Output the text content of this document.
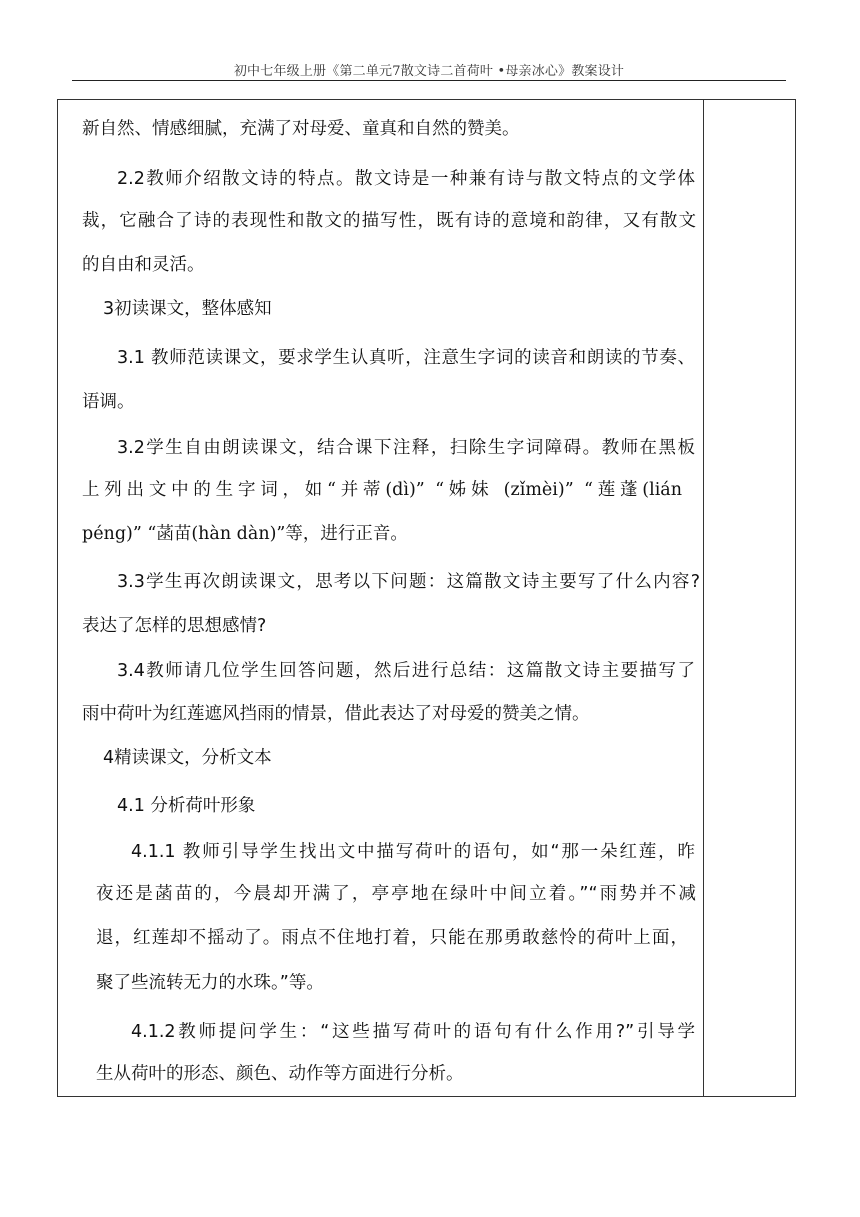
初中七年级上册《第二单元7散文诗二首荷叶 •母亲冰心》教案设计
新自然、情感细腻，充满了对母爱、童真和自然的赞美。
2.2教师介绍散文诗的特点。散文诗是一种兼有诗与散文特点的文学体
裁，它融合了诗的表现性和散文的描写性，既有诗的意境和韵律，又有散文
的自由和灵活。
3初读课文，整体感知
3.1 教师范读课文，要求学生认真听，注意生字词的读音和朗读的节奏、
语调。
3.2学生自由朗读课文，结合课下注释，扫除生字词障碍。教师在黑板
上列出文中的生字词，如“并蒂(dì)” “姊妹 (zǐmèi)” “莲蓬(lián
péng)” “菡苗(hàn dàn)”等，进行正音。
3.3学生再次朗读课文，思考以下问题：这篇散文诗主要写了什么内容?
表达了怎样的思想感情?
3.4教师请几位学生回答问题，然后进行总结：这篇散文诗主要描写了
雨中荷叶为红莲遮风挡雨的情景，借此表达了对母爱的赞美之情。
4精读课文，分析文本
4.1 分析荷叶形象
4.1.1 教师引导学生找出文中描写荷叶的语句，如“那一朵红莲，昨
夜还是菡苗的，今晨却开满了，亭亭地在绿叶中间立着。”“雨势并不减
退，红莲却不摇动了。雨点不住地打着，只能在那勇敢慈怜的荷叶上面，
聚了些流转无力的水珠。”等。
4.1.2教师提问学生：“这些描写荷叶的语句有什么作用?”引导学
生从荷叶的形态、颜色、动作等方面进行分析。
